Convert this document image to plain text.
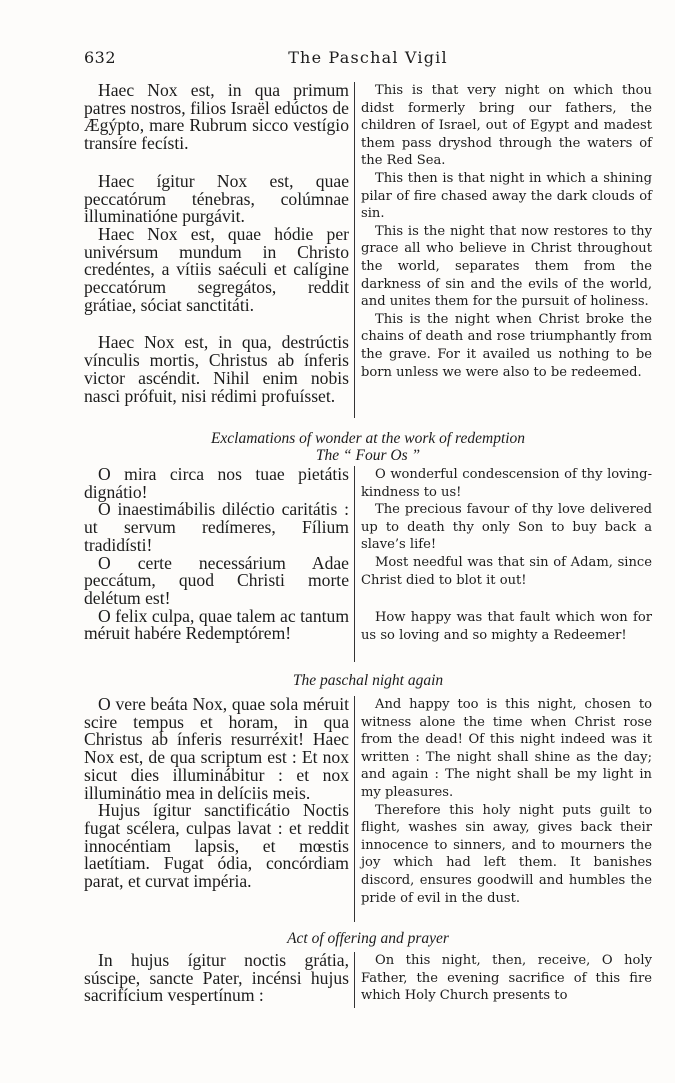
632	The Paschal Vigil

Haec Nox est, in qua primum patres nostros, filios Israël edúctos de Ægýpto, mare Rubrum sicco vestígio transíre fecísti.

Haec ígitur Nox est, quae peccatórum ténebras, colúmnae illuminatióne purgávit.

Haec Nox est, quae hódie per univérsum mundum in Christo credéntes, a vítiis saéculi et calígine peccatórum segregátos, reddit grátiae, sóciat sanctitáti.

Haec Nox est, in qua, destrúctis vínculis mortis, Christus ab ínferis victor ascéndit. Nihil enim nobis nasci prófuit, nisi rédimi profuísset.

This is that very night on which thou didst formerly bring our fathers, the children of Israel, out of Egypt and madest them pass dryshod through the waters of the Red Sea.

This then is that night in which a shining pilar of fire chased away the dark clouds of sin.

This is the night that now restores to thy grace all who believe in Christ throughout the world, separates them from the darkness of sin and the evils of the world, and unites them for the pursuit of holiness.

This is the night when Christ broke the chains of death and rose triumphantly from the grave. For it availed us nothing to be born unless we were also to be redeemed.

Exclamations of wonder at the work of redemption
The “ Four Os ”

O mira circa nos tuae pietátis dignátio!

O inaestimábilis diléctio caritátis : ut servum redímeres, Fílium tradidísti!

O certe necessárium Adae peccátum, quod Christi morte delétum est!

O felix culpa, quae talem ac tantum méruit habére Redemptórem!

O wonderful condescension of thy loving-kindness to us!

The precious favour of thy love delivered up to death thy only Son to buy back a slave’s life!

Most needful was that sin of Adam, since Christ died to blot it out!

How happy was that fault which won for us so loving and so mighty a Redeemer!

The paschal night again

O vere beáta Nox, quae sola méruit scire tempus et horam, in qua Christus ab ínferis resurréxit! Haec Nox est, de qua scriptum est : Et nox sicut dies illuminábitur : et nox illuminátio mea in delíciis meis.

Hujus ígitur sanctificátio Noctis fugat scélera, culpas lavat : et reddit innocéntiam lapsis, et mœstis laetítiam. Fugat ódia, concórdiam parat, et curvat impéria.

And happy too is this night, chosen to witness alone the time when Christ rose from the dead! Of this night indeed was it written : The night shall shine as the day; and again : The night shall be my light in my pleasures.

Therefore this holy night puts guilt to flight, washes sin away, gives back their innocence to sinners, and to mourners the joy which had left them. It banishes discord, ensures goodwill and humbles the pride of evil in the dust.

Act of offering and prayer

In hujus ígitur noctis grátia, súscipe, sancte Pater, incénsi hujus sacrifícium vespertínum :

On this night, then, receive, O holy Father, the evening sacrifice of this fire which Holy Church presents to
